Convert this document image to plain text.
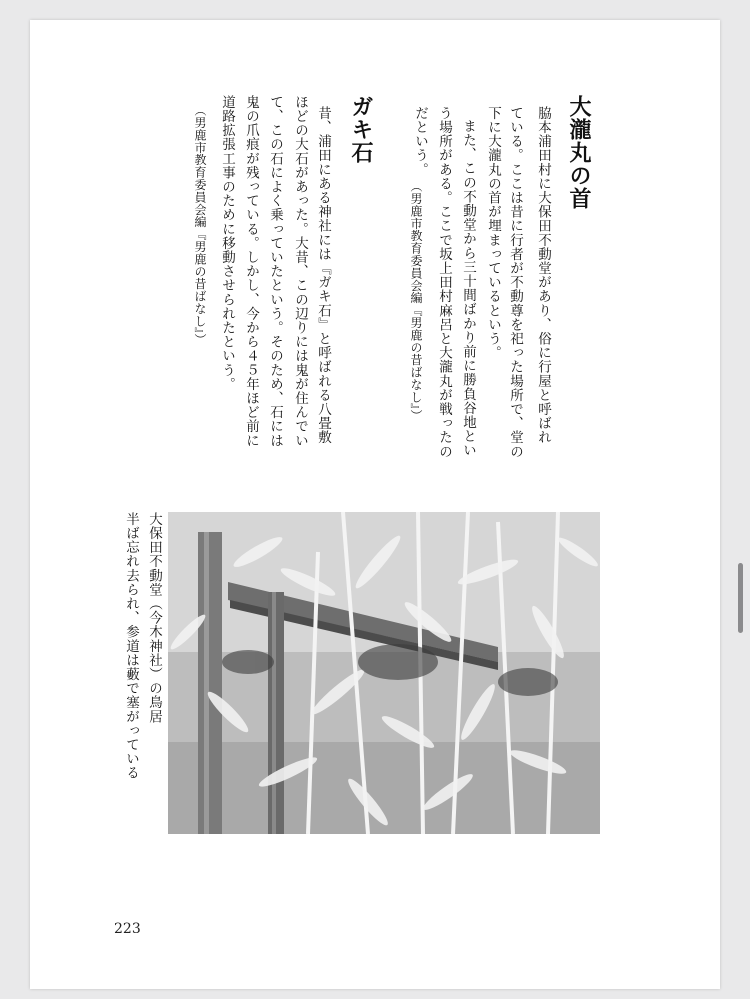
大瀧丸の首
脇本浦田村に大保田不動堂があり、俗に行屋と呼ばれ
ている。ここは昔に行者が不動尊を祀った場所で、堂の
下に大瀧丸の首が埋まっているという。
また、この不動堂から三十間ばかり前に勝負谷地とい
う場所がある。ここで坂上田村麻呂と大瀧丸が戦ったの
だという。
（男鹿市教育委員会編『男鹿の昔ばなし』）
ガキ石
昔、浦田にある神社には『ガキ石』と呼ばれる八畳敷
ほどの大石があった。大昔、この辺りには鬼が住んでい
て、この石によく乗っていたという。そのため、石には
鬼の爪痕が残っている。しかし、今から４５年ほど前に
道路拡張工事のために移動させられたという。
（男鹿市教育委員会編『男鹿の昔ばなし』）
大保田不動堂（今木神社）の鳥居
半ば忘れ去られ、参道は藪で塞がっている
223
